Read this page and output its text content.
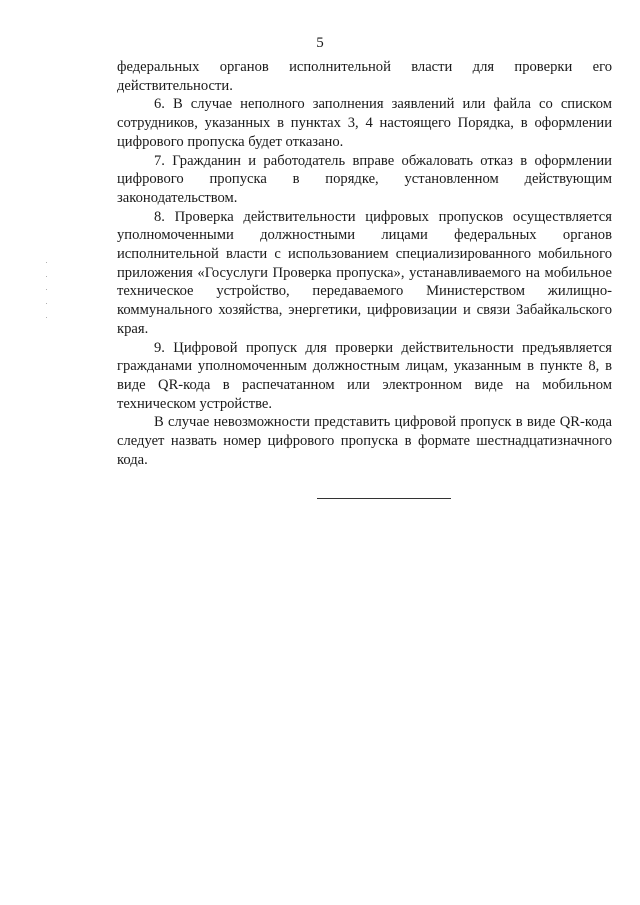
5

федеральных органов исполнительной власти для проверки его действительности.

6. В случае неполного заполнения заявлений или файла со списком сотрудников, указанных в пунктах 3, 4 настоящего Порядка, в оформлении цифрового пропуска будет отказано.

7. Гражданин и работодатель вправе обжаловать отказ в оформлении цифрового пропуска в порядке, установленном действующим законодательством.

8. Проверка действительности цифровых пропусков осуществляется уполномоченными должностными лицами федеральных органов исполнительной власти с использованием специализированного мобильного приложения «Госуслуги Проверка пропуска», устанавливаемого на мобильное техническое устройство, передаваемого Министерством жилищно-коммунального хозяйства, энергетики, цифровизации и связи Забайкальского края.

9. Цифровой пропуск для проверки действительности предъявляется гражданами уполномоченным должностным лицам, указанным в пункте 8, в виде QR-кода в распечатанном или электронном виде на мобильном техническом устройстве.

В случае невозможности представить цифровой пропуск в виде QR-кода следует назвать номер цифрового пропуска в формате шестнадцатизначного кода.
